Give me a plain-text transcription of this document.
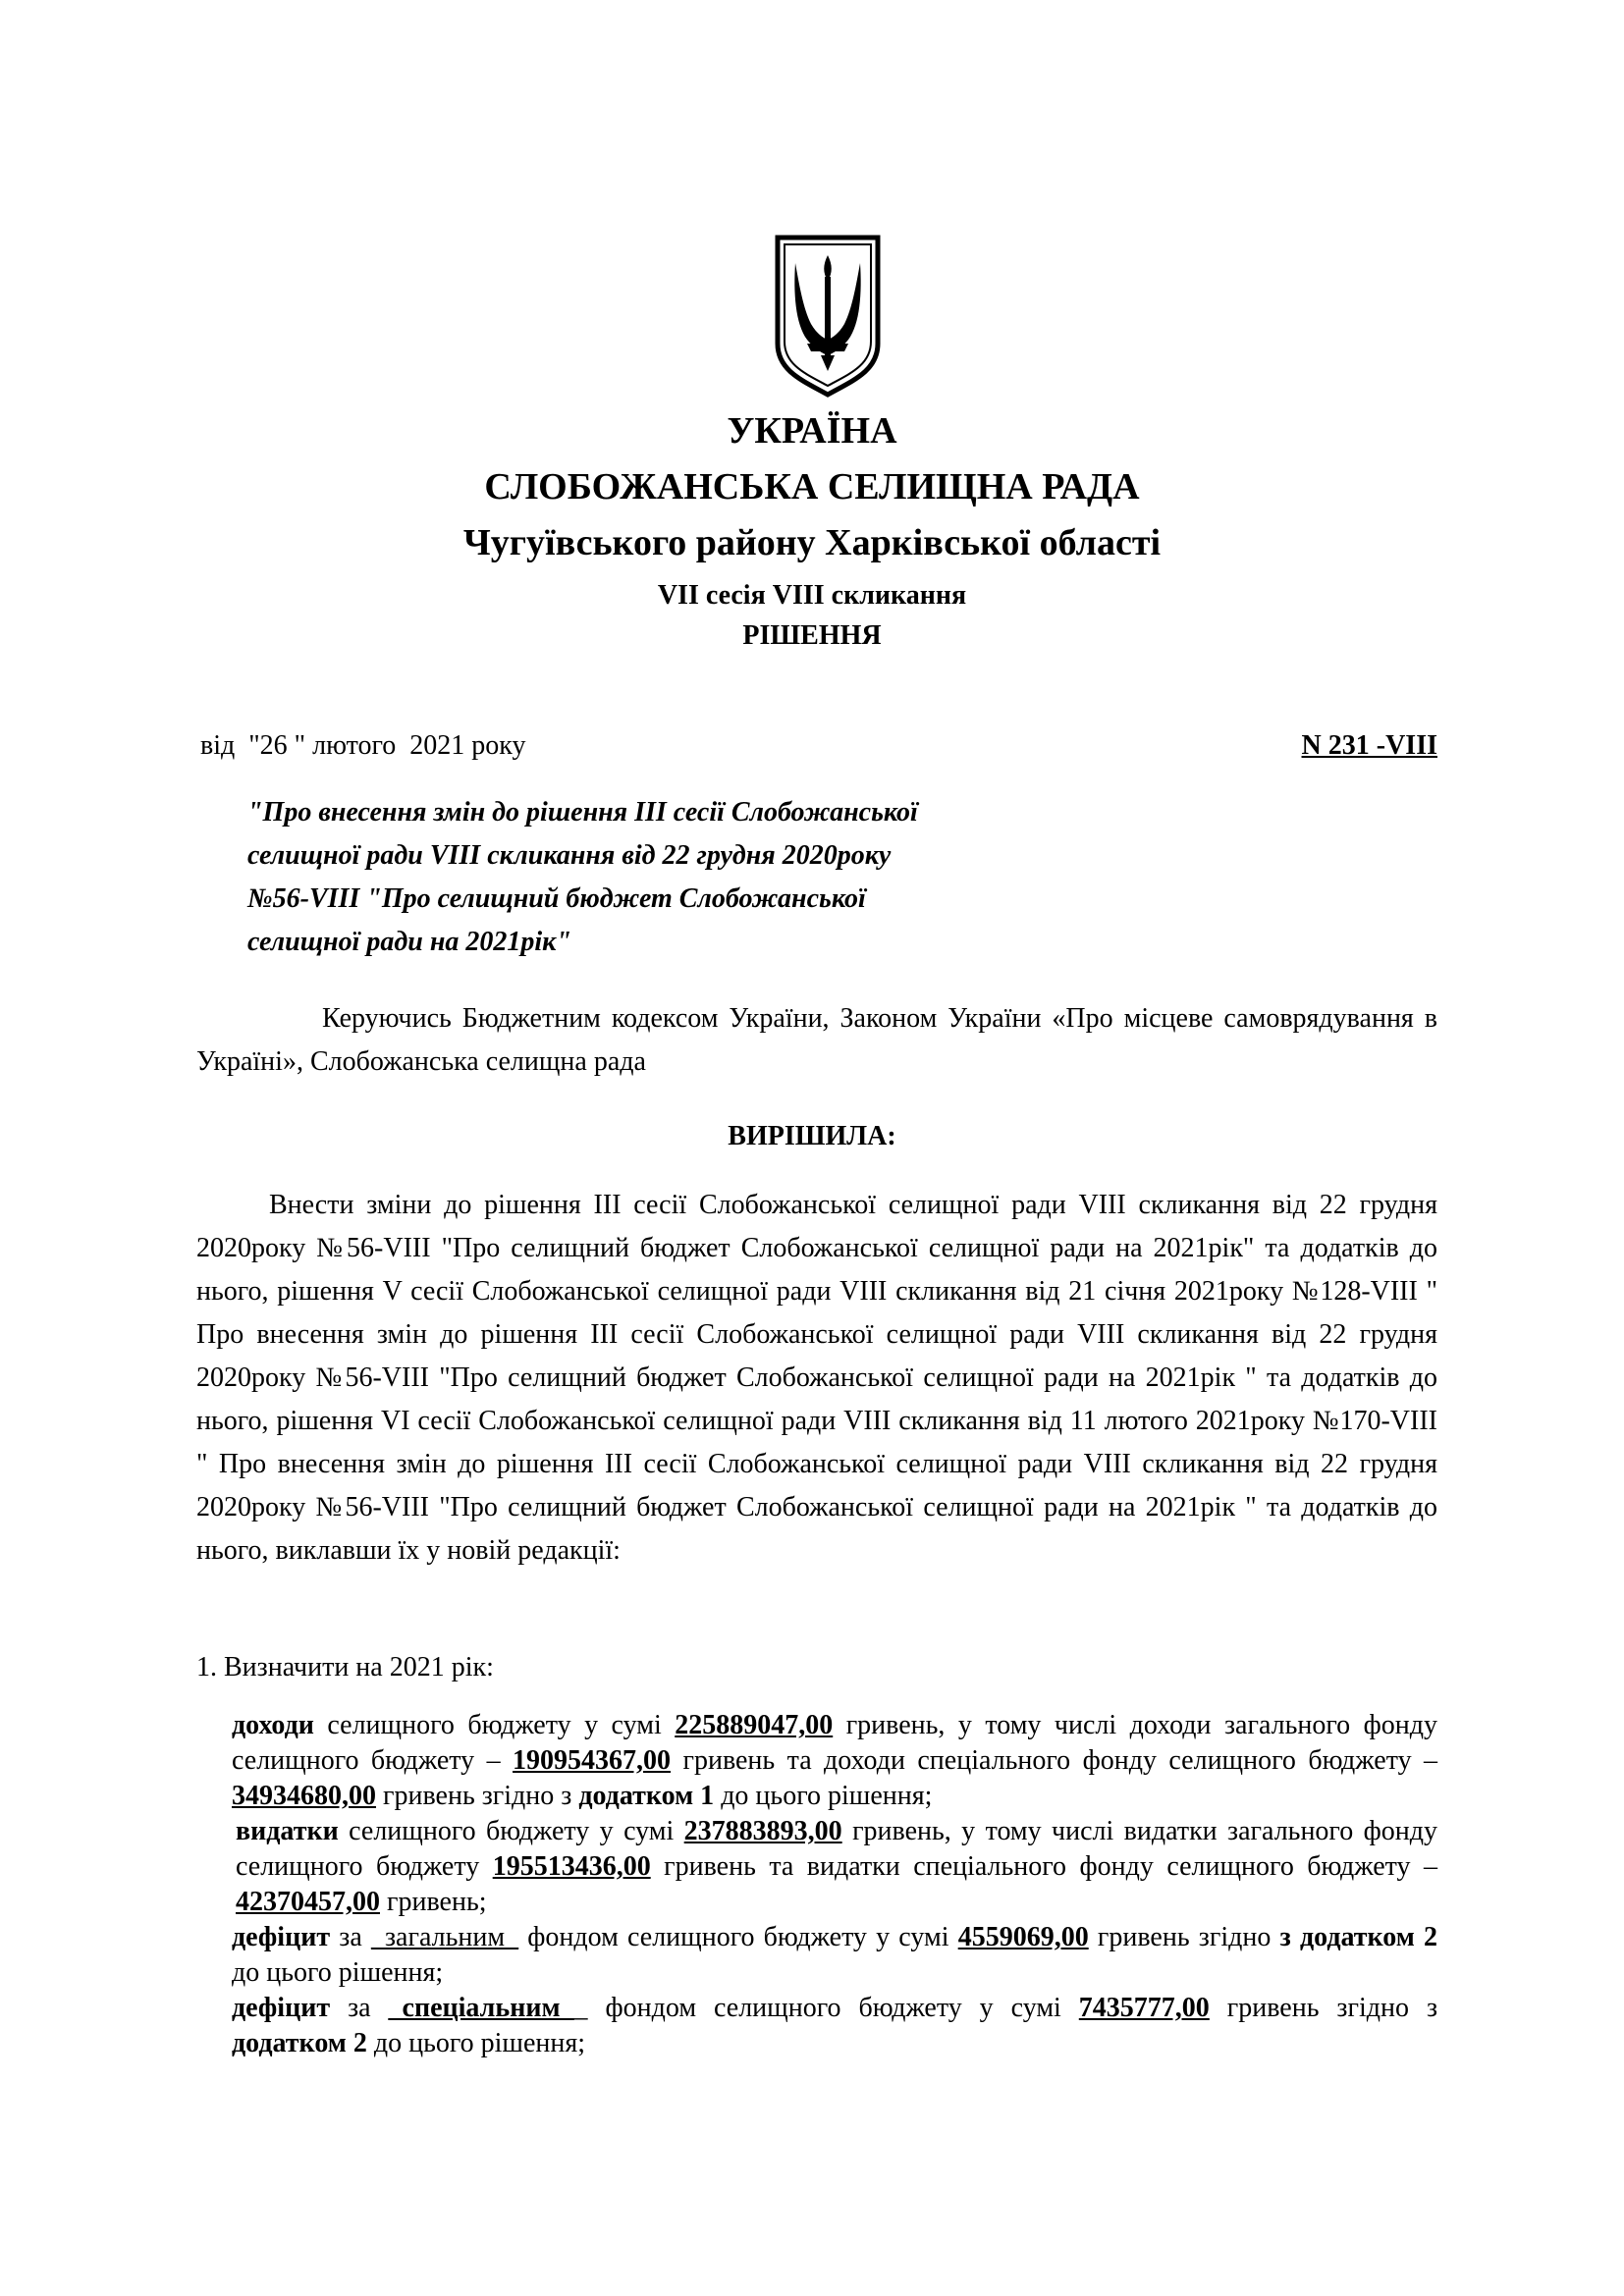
УКРАЇНА
СЛОБОЖАНСЬКА СЕЛИЩНА РАДА
Чугуївського району Харківської області
VII сесія VIII скликання
РІШЕННЯ
від  "26 " лютого  2021 року	N 231 -VIII
"Про внесення змін до рішення ІІІ сесії Слобожанської
селищної ради VIII скликання від 22 грудня 2020року
№56-VIII "Про селищний бюджет Слобожанської
селищної ради на 2021рік"
Керуючись Бюджетним кодексом України, Законом України «Про місцеве самоврядування в Україні», Слобожанська селищна рада
ВИРІШИЛА:
Внести зміни до рішення ІІІ сесії Слобожанської селищної ради VIII скликання від 22 грудня 2020року №56-VIII "Про селищний бюджет Слобожанської селищної ради на 2021рік" та додатків до нього, рішення V сесії Слобожанської селищної ради VIII скликання від 21 січня 2021року №128-VIII " Про внесення змін до рішення ІІІ сесії Слобожанської селищної ради VIII скликання від 22 грудня 2020року №56-VIII "Про селищний бюджет Слобожанської селищної ради на 2021рік " та додатків до нього, рішення VІ сесії Слобожанської селищної ради VIII скликання від 11 лютого 2021року №170-VIII " Про внесення змін до рішення ІІІ сесії Слобожанської селищної ради VIII скликання від 22 грудня 2020року №56-VIII "Про селищний бюджет Слобожанської селищної ради на 2021рік " та додатків до нього, виклавши їх у новій редакції:
1. Визначити на 2021 рік:

доходи селищного бюджету у сумі 225889047,00 гривень, у тому числі доходи загального фонду селищного бюджету – 190954367,00 гривень та доходи спеціального фонду селищного бюджету – 34934680,00 гривень згідно з додатком 1 до цього рішення;

видатки селищного бюджету у сумі 237883893,00 гривень, у тому числі видатки загального фонду селищного бюджету 195513436,00 гривень та видатки спеціального фонду селищного бюджету – 42370457,00 гривень;

дефіцит за _загальним_ фондом селищного бюджету у сумі 4559069,00 гривень згідно з додатком 2 до цього рішення;

дефіцит за _спеціальним__ фондом селищного бюджету у сумі 7435777,00 гривень згідно з додатком 2 до цього рішення;
